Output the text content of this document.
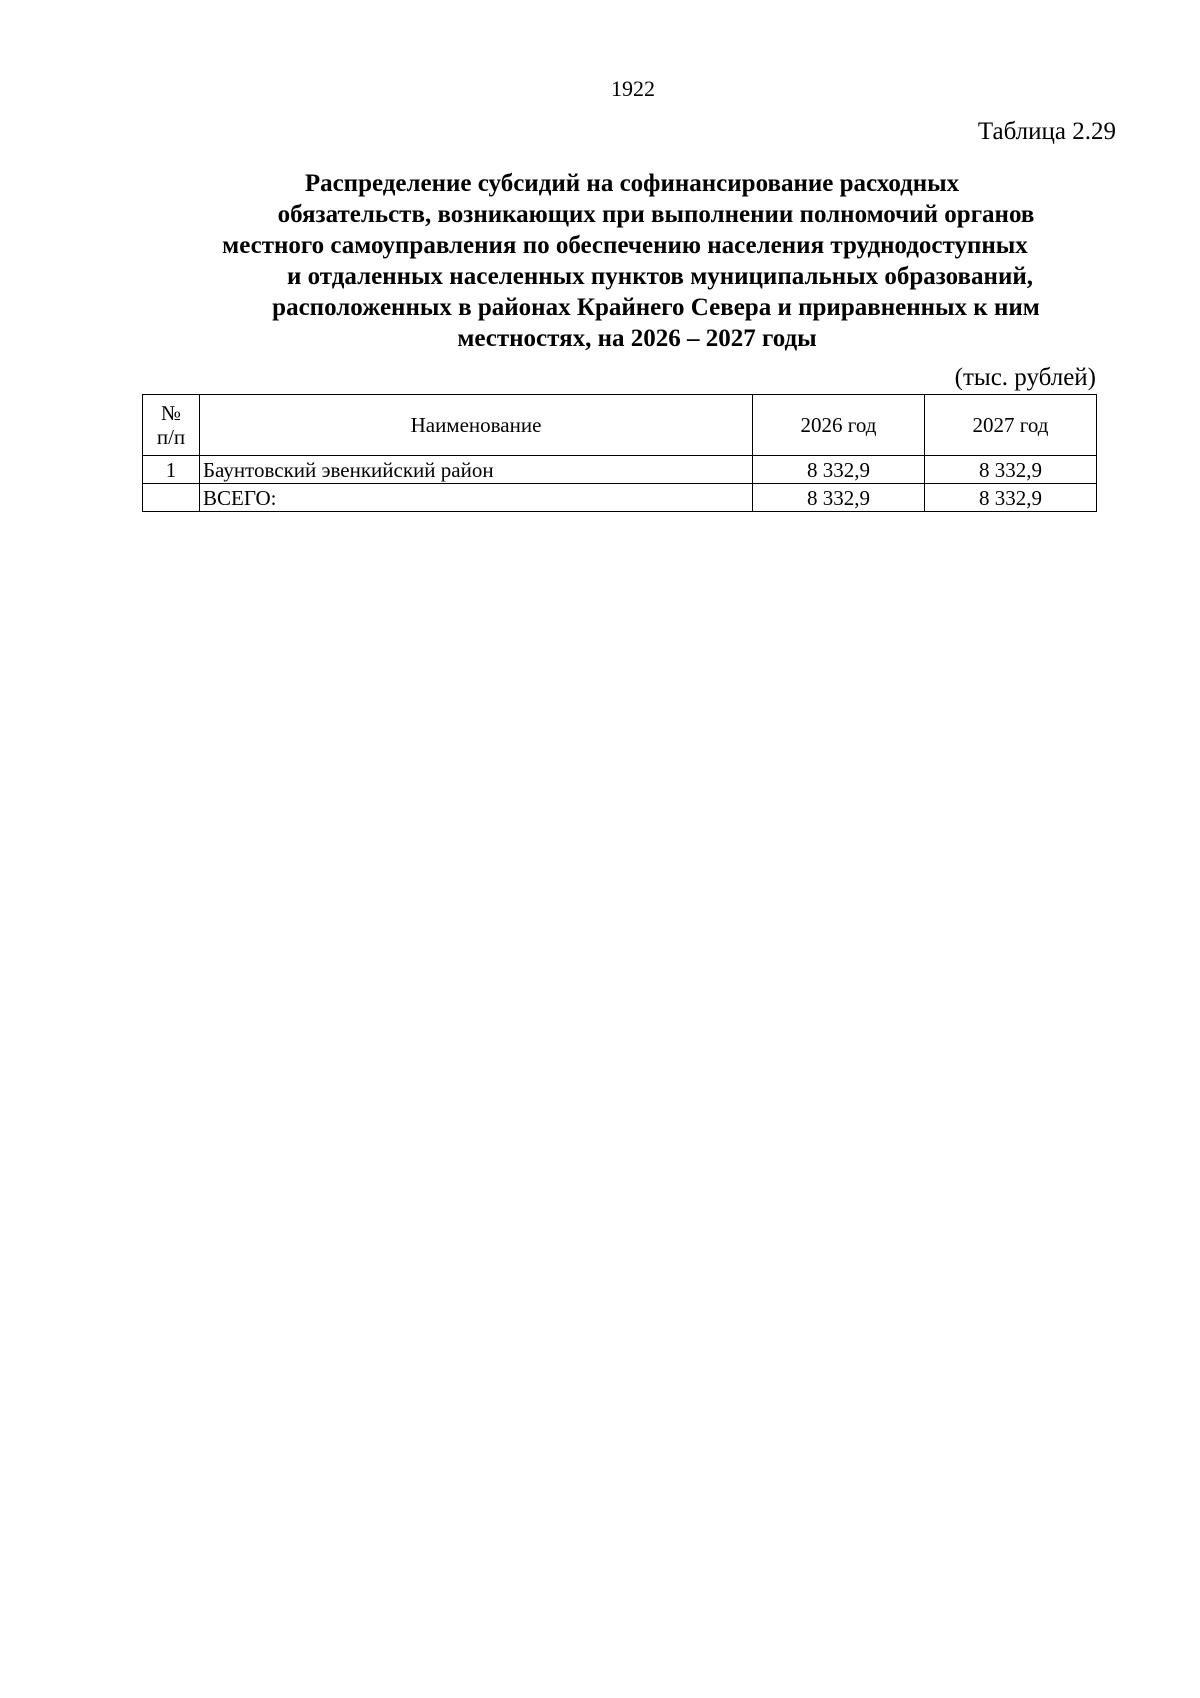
1922
Таблица 2.29
Распределение субсидий на софинансирование расходных
обязательств, возникающих при выполнении полномочий органов
местного самоуправления по обеспечению населения труднодоступных
и отдаленных населенных пунктов муниципальных образований,
расположенных в районах Крайнего Севера и приравненных к ним
местностях, на 2026 – 2027 годы
(тыс. рублей)
№
п/п	Наименование	2026 год	2027 год
1	Баунтовский эвенкийский район	8 332,9	8 332,9
	ВСЕГО:	8 332,9	8 332,9
